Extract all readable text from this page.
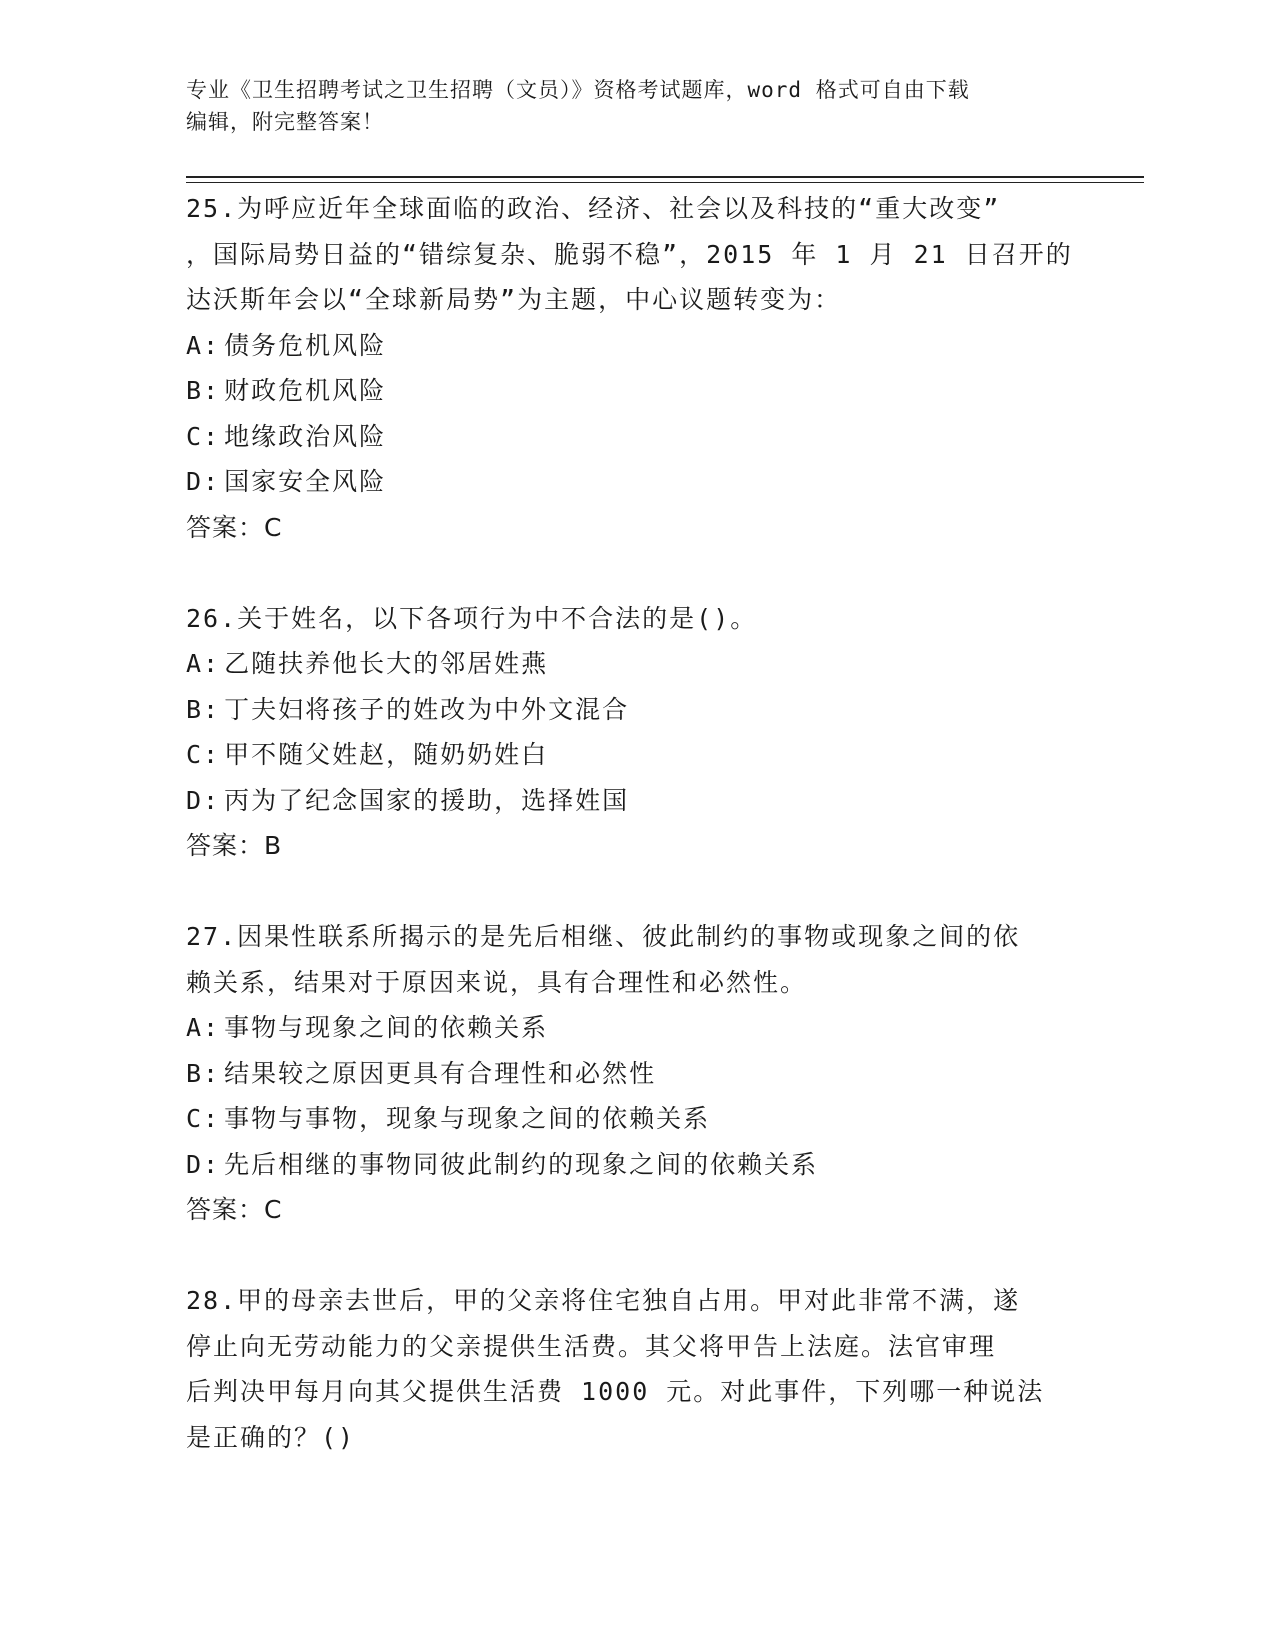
专业《卫生招聘考试之卫生招聘（文员）》资格考试题库，word 格式可自由下载
编辑，附完整答案！
25.为呼应近年全球面临的政治、经济、社会以及科技的“重大改变”
，国际局势日益的“错综复杂、脆弱不稳”，2015 年 1 月 21 日召开的
达沃斯年会以“全球新局势”为主题，中心议题转变为：
A: 债务危机风险
B: 财政危机风险
C: 地缘政治风险
D: 国家安全风险
答案：C
26.关于姓名，以下各项行为中不合法的是()。
A: 乙随扶养他长大的邻居姓燕
B: 丁夫妇将孩子的姓改为中外文混合
C: 甲不随父姓赵，随奶奶姓白
D: 丙为了纪念国家的援助，选择姓国
答案：B
27.因果性联系所揭示的是先后相继、彼此制约的事物或现象之间的依
赖关系，结果对于原因来说，具有合理性和必然性。
A: 事物与现象之间的依赖关系
B: 结果较之原因更具有合理性和必然性
C: 事物与事物，现象与现象之间的依赖关系
D: 先后相继的事物同彼此制约的现象之间的依赖关系
答案：C
28.甲的母亲去世后，甲的父亲将住宅独自占用。甲对此非常不满，遂
停止向无劳动能力的父亲提供生活费。其父将甲告上法庭。法官审理
后判决甲每月向其父提供生活费 1000 元。对此事件，下列哪一种说法
是正确的？()
